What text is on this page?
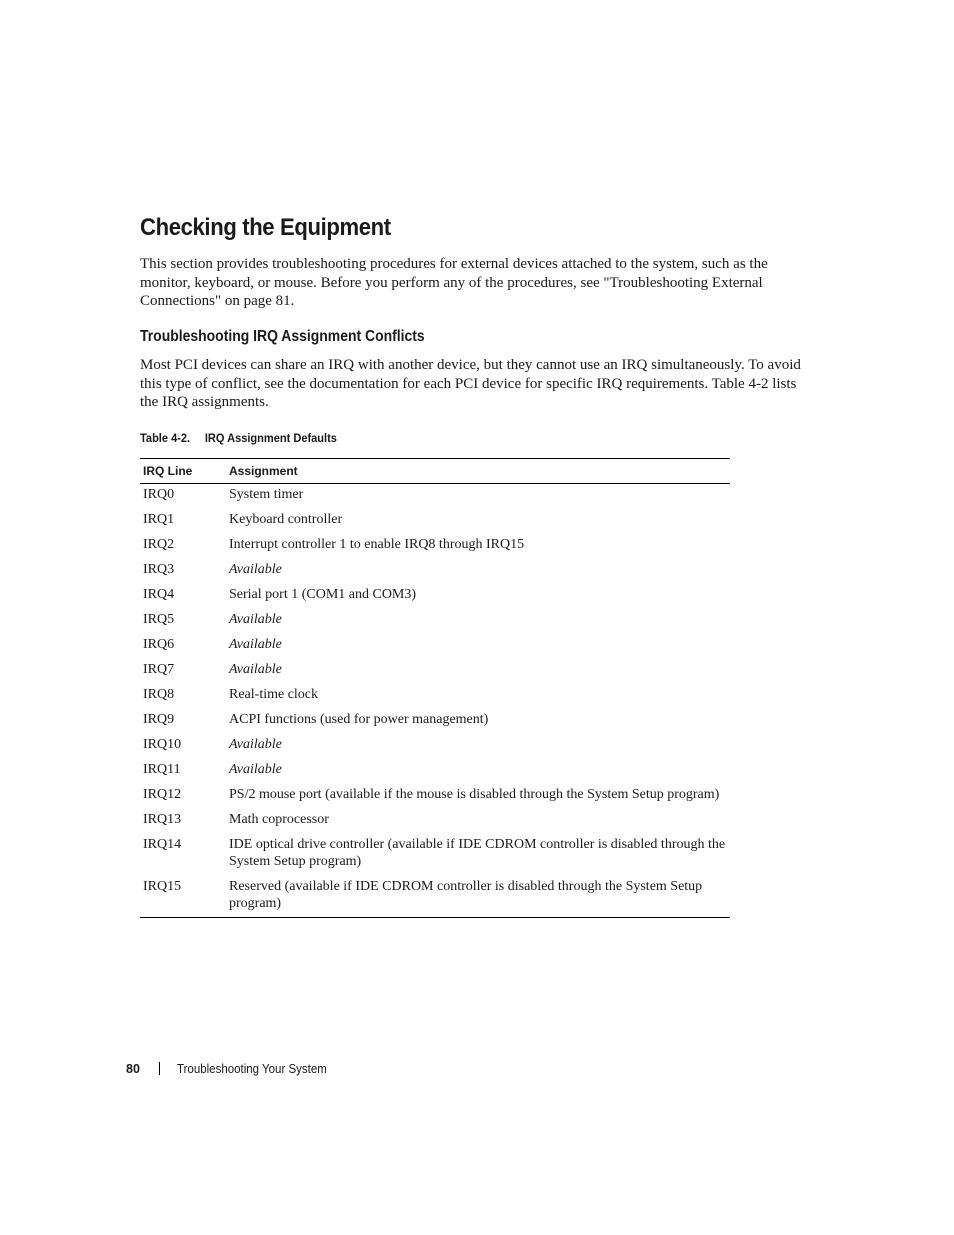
Checking the Equipment

This section provides troubleshooting procedures for external devices attached to the system, such as the monitor, keyboard, or mouse. Before you perform any of the procedures, see "Troubleshooting External Connections" on page 81.

Troubleshooting IRQ Assignment Conflicts

Most PCI devices can share an IRQ with another device, but they cannot use an IRQ simultaneously. To avoid this type of conflict, see the documentation for each PCI device for specific IRQ requirements. Table 4-2 lists the IRQ assignments.

Table 4-2. IRQ Assignment Defaults
IRQ Line	Assignment
IRQ0	System timer
IRQ1	Keyboard controller
IRQ2	Interrupt controller 1 to enable IRQ8 through IRQ15
IRQ3	Available
IRQ4	Serial port 1 (COM1 and COM3)
IRQ5	Available
IRQ6	Available
IRQ7	Available
IRQ8	Real-time clock
IRQ9	ACPI functions (used for power management)
IRQ10	Available
IRQ11	Available
IRQ12	PS/2 mouse port (available if the mouse is disabled through the System Setup program)
IRQ13	Math coprocessor
IRQ14	IDE optical drive controller (available if IDE CDROM controller is disabled through the System Setup program)
IRQ15	Reserved (available if IDE CDROM controller is disabled through the System Setup program)
80	Troubleshooting Your System
